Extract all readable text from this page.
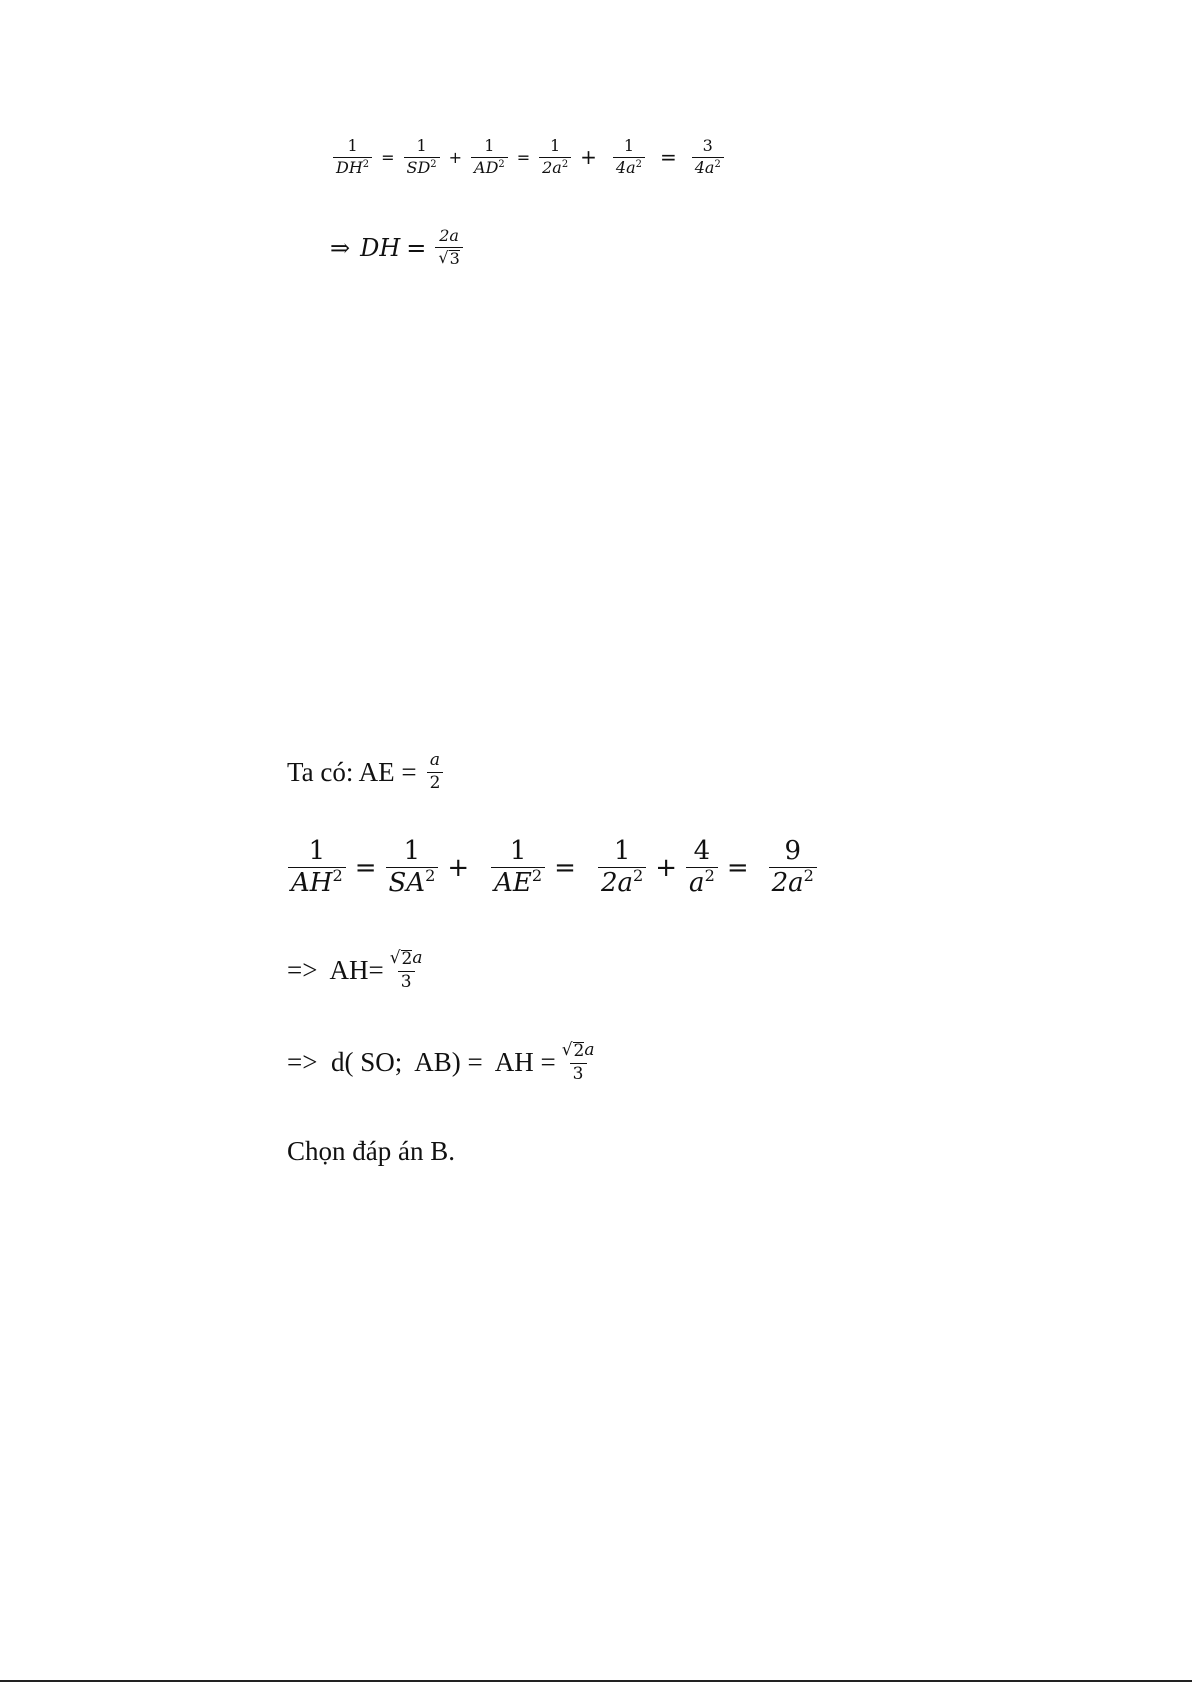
$\frac{1}{DH^2} = \frac{1}{SD^2} + \frac{1}{AD^2} = \frac{1}{2a^2} + \frac{1}{4a^2} = \frac{3}{4a^2}$
⇒ DH = $\frac{2a}{√ 3}$
Ta có: AE = $\frac{a}{2}$
$\frac{1}{AH^2} = \frac{1}{SA^2} + \frac{1}{AE^2} = \frac{1}{2a^2} + \frac{4}{a^2} = \frac{9}{2a^2}$
=>  $AH= \frac{√ 2 a}{3}$
=>  d( SO;  AB) =  AH = $\frac{√ 2 a}{3}$
Chọn đáp án B.
